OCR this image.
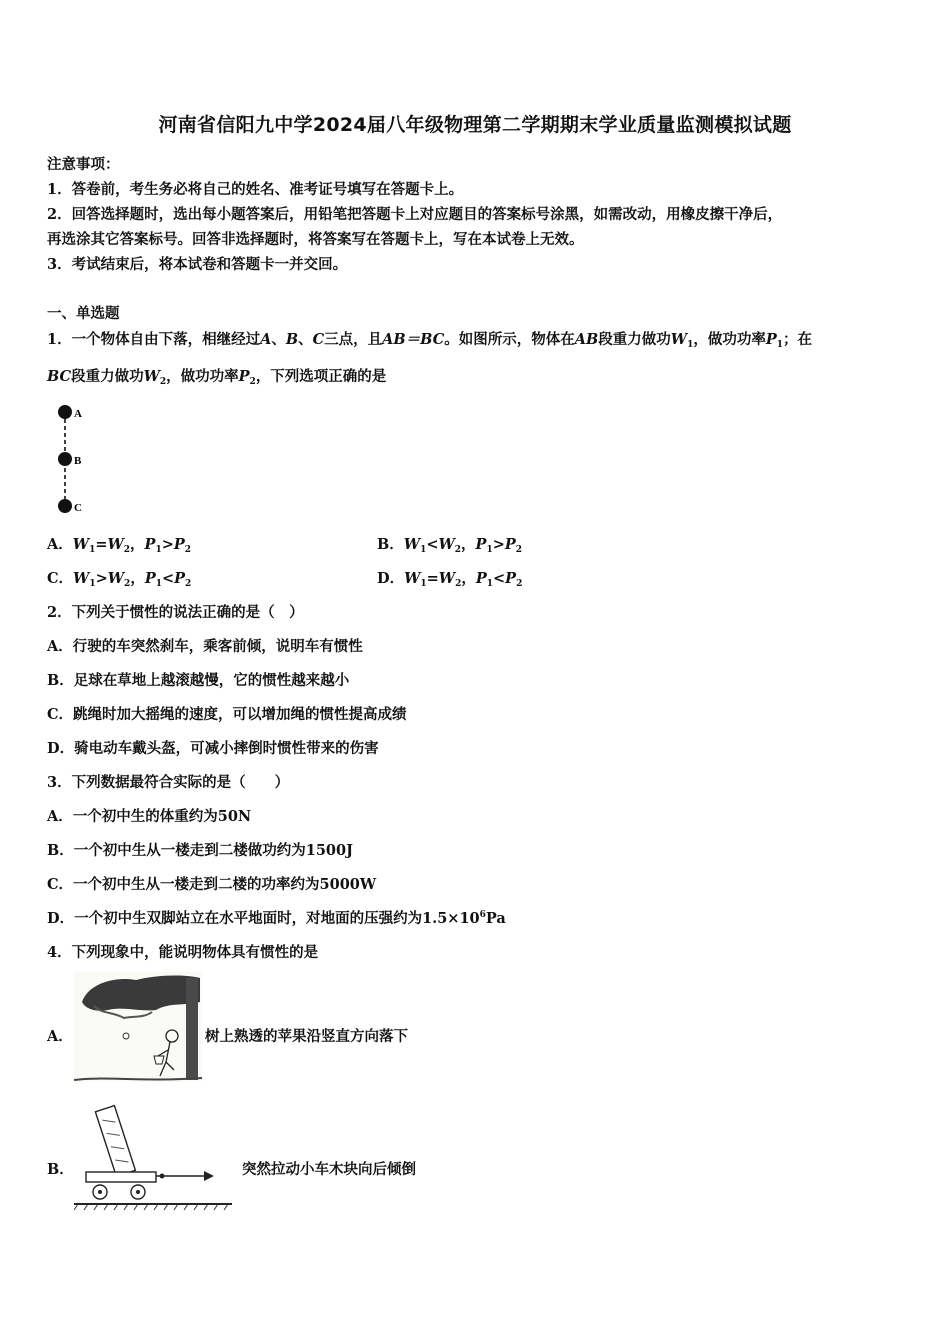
河南省信阳九中学2024届八年级物理第二学期期末学业质量监测模拟试题
注意事项：
1．答卷前，考生务必将自己的姓名、准考证号填写在答题卡上。
2．回答选择题时，选出每小题答案后，用铅笔把答题卡上对应题目的答案标号涂黑，如需改动，用橡皮擦干净后，
再选涂其它答案标号。回答非选择题时，将答案写在答题卡上，写在本试卷上无效。
3．考试结束后，将本试卷和答题卡一并交回。
一、单选题
1．一个物体自由下落，相继经过A、B、C三点，且AB＝BC。如图所示，物体在AB段重力做功$W_1$，做功功率$P_1$；在
BC段重力做功$W_2$，做功功率$P_2$，下列选项正确的是
A
B
C
A．$W_1=W_2$，$P_1>P_2$	B．$W_1<W_2$，$P_1>P_2$
C．$W_1>W_2$，$P_1<P_2$	D．$W_1=W_2$，$P_1<P_2$
2．下列关于惯性的说法正确的是（　）
A．行驶的车突然刹车，乘客前倾，说明车有惯性
B．足球在草地上越滚越慢，它的惯性越来越小
C．跳绳时加大摇绳的速度，可以增加绳的惯性提高成绩
D．骑电动车戴头盔，可减小摔倒时惯性带来的伤害
3．下列数据最符合实际的是（　　）
A．一个初中生的体重约为50N
B．一个初中生从一楼走到二楼做功约为1500J
C．一个初中生从一楼走到二楼的功率约为5000W
D．一个初中生双脚站立在水平地面时，对地面的压强约为$1.5\times 10^6Pa$
4．下列现象中，能说明物体具有惯性的是
A．	树上熟透的苹果沿竖直方向落下
B．	突然拉动小车木块向后倾倒
